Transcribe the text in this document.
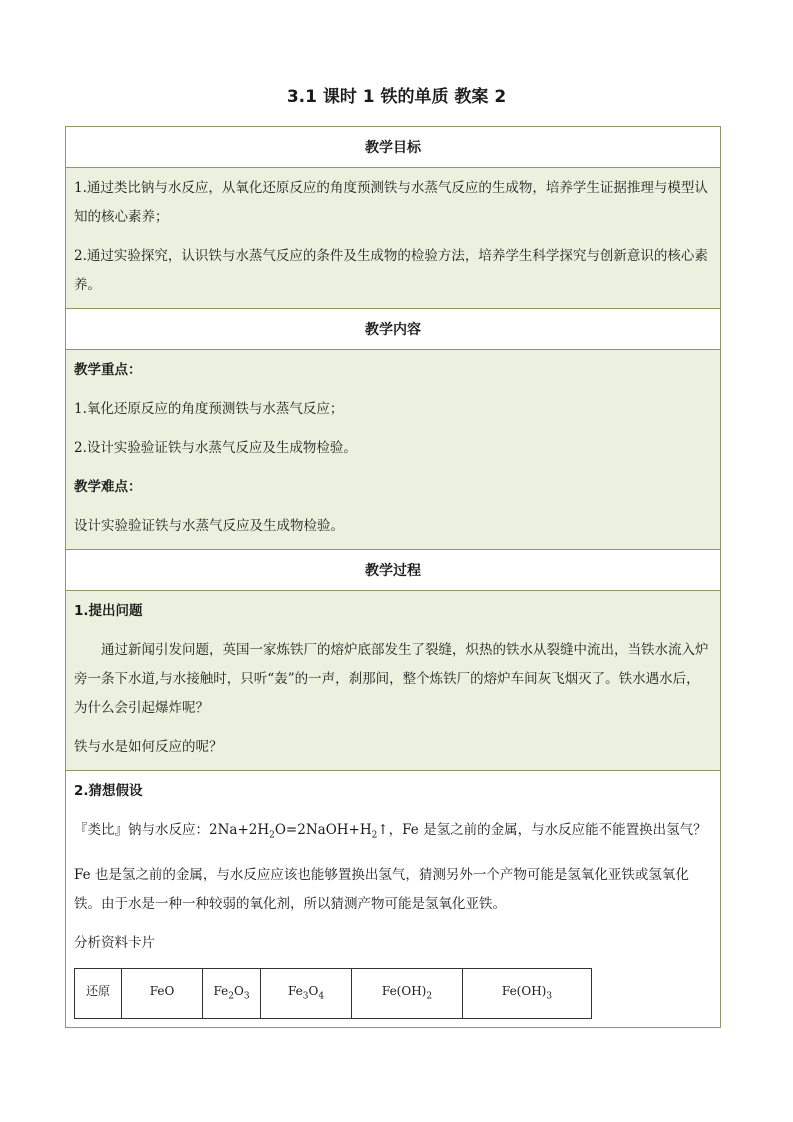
3.1 课时 1 铁的单质 教案 2
教学目标

1.通过类比钠与水反应，从氧化还原反应的角度预测铁与水蒸气反应的生成物，培养学生证据推理与模型认知的核心素养；

2.通过实验探究，认识铁与水蒸气反应的条件及生成物的检验方法，培养学生科学探究与创新意识的核心素养。

教学内容

教学重点：

1.氧化还原反应的角度预测铁与水蒸气反应；

2.设计实验验证铁与水蒸气反应及生成物检验。

教学难点：

设计实验验证铁与水蒸气反应及生成物检验。

教学过程

1.提出问题

通过新闻引发问题，英国一家炼铁厂的熔炉底部发生了裂缝，炽热的铁水从裂缝中流出，当铁水流入炉旁一条下水道,与水接触时，只听“轰”的一声，刹那间，整个炼铁厂的熔炉车间灰飞烟灭了。铁水遇水后，为什么会引起爆炸呢？

铁与水是如何反应的呢？

2.猜想假设

『类比』钠与水反应：$2Na+2H_2O=2NaOH+H_2↑$，Fe 是氢之前的金属，与水反应能不能置换出氢气？

Fe 也是氢之前的金属，与水反应应该也能够置换出氢气，猜测另外一个产物可能是氢氧化亚铁或氢氧化铁。由于水是一种一种较弱的氧化剂，所以猜测产物可能是氢氧化亚铁。

分析资料卡片

还原	FeO	$Fe_2O_3$	$Fe_3O_4$	$Fe(OH)_2$	$Fe(OH)_3$
